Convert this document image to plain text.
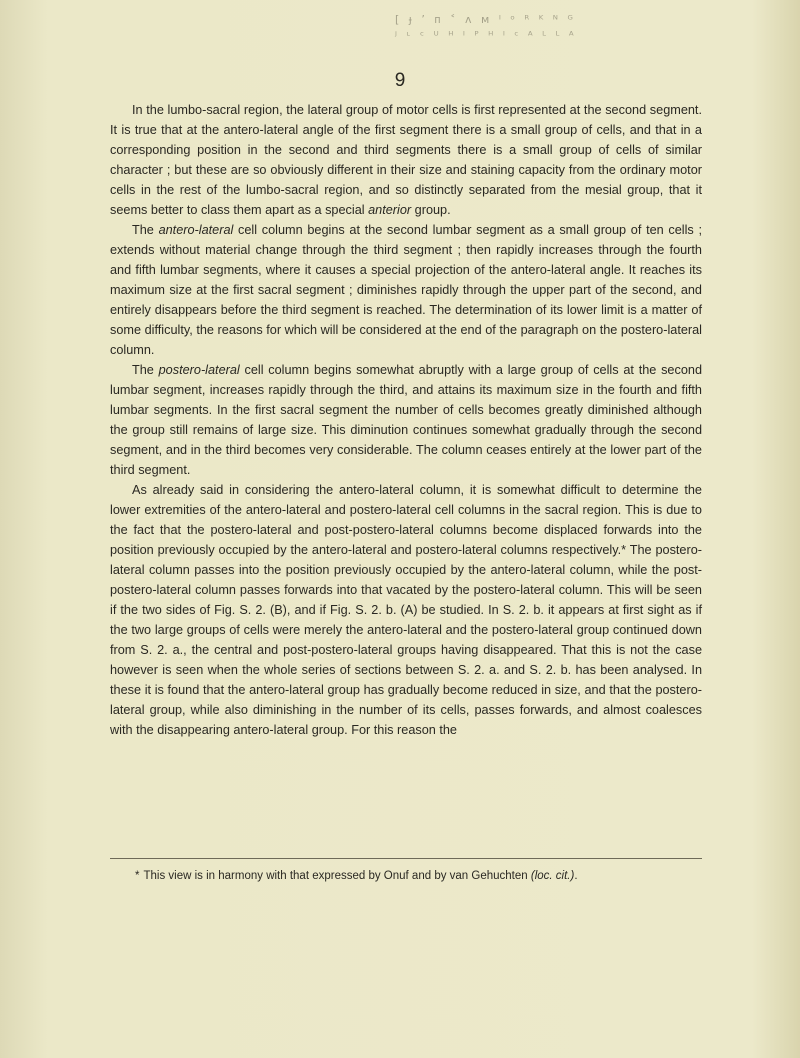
[ ɟ ʼ ᴨ ˂ ᴧ ᴍ ᴵ ᵒ ᴿ ᴷ ᴺ ᴳ
ʲ ᶫ ᶜ ᵁ ᴴ ᴵ ᴾ ᴴ ᴵ ᶜ ᴬ ᴸ ᴸ ᴬ
9

In the lumbo-sacral region, the lateral group of motor cells is first represented at the second segment. It is true that at the antero-lateral angle of the first segment there is a small group of cells, and that in a corresponding position in the second and third segments there is a small group of cells of similar character ; but these are so obviously different in their size and staining capacity from the ordinary motor cells in the rest of the lumbo-sacral region, and so distinctly separated from the mesial group, that it seems better to class them apart as a special anterior group.

The antero-lateral cell column begins at the second lumbar segment as a small group of ten cells ; extends without material change through the third segment ; then rapidly increases through the fourth and fifth lumbar segments, where it causes a special projection of the antero-lateral angle. It reaches its maximum size at the first sacral segment ; diminishes rapidly through the upper part of the second, and entirely disappears before the third segment is reached. The determination of its lower limit is a matter of some difficulty, the reasons for which will be considered at the end of the paragraph on the postero-lateral column.

The postero-lateral cell column begins somewhat abruptly with a large group of cells at the second lumbar segment, increases rapidly through the third, and attains its maximum size in the fourth and fifth lumbar segments. In the first sacral segment the number of cells becomes greatly diminished although the group still remains of large size. This diminution continues somewhat gradually through the second segment, and in the third becomes very considerable. The column ceases entirely at the lower part of the third segment.

As already said in considering the antero-lateral column, it is somewhat difficult to determine the lower extremities of the antero-lateral and postero-lateral cell columns in the sacral region. This is due to the fact that the postero-lateral and post-postero-lateral columns become displaced forwards into the position previously occupied by the antero-lateral and postero-lateral columns respectively.* The postero-lateral column passes into the position previously occupied by the antero-lateral column, while the post-postero-lateral column passes forwards into that vacated by the postero-lateral column. This will be seen if the two sides of Fig. S. 2. (B), and if Fig. S. 2. b. (A) be studied. In S. 2. b. it appears at first sight as if the two large groups of cells were merely the antero-lateral and the postero-lateral group continued down from S. 2. a., the central and post-postero-lateral groups having disappeared. That this is not the case however is seen when the whole series of sections between S. 2. a. and S. 2. b. has been analysed. In these it is found that the antero-lateral group has gradually become reduced in size, and that the postero-lateral group, while also diminishing in the number of its cells, passes forwards, and almost coalesces with the disappearing antero-lateral group. For this reason the

* This view is in harmony with that expressed by Onuf and by van Gehuchten (loc. cit.).
